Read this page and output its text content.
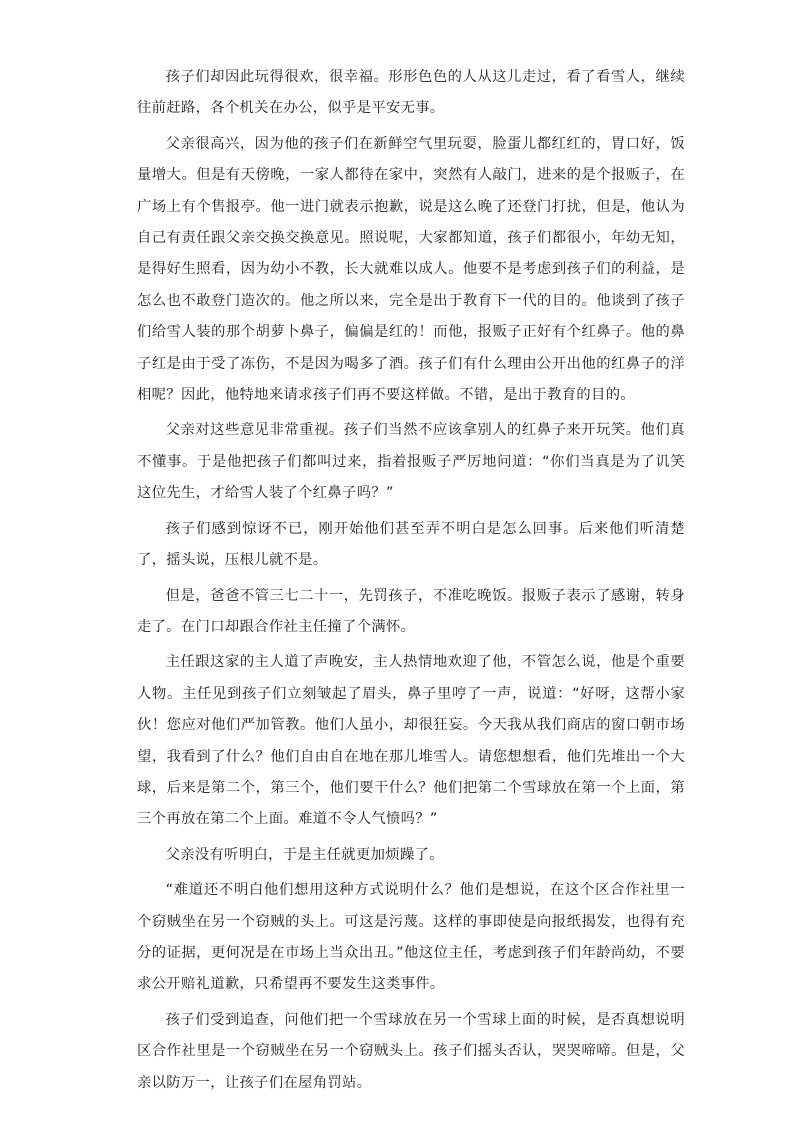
孩子们却因此玩得很欢，很幸福。形形色色的人从这儿走过，看了看雪人，继续往前赶路，各个机关在办公，似乎是平安无事。

父亲很高兴，因为他的孩子们在新鲜空气里玩耍，脸蛋儿都红红的，胃口好，饭量增大。但是有天傍晚，一家人都待在家中，突然有人敲门，进来的是个报贩子，在广场上有个售报亭。他一进门就表示抱歉，说是这么晚了还登门打扰，但是，他认为自己有责任跟父亲交换交换意见。照说呢，大家都知道，孩子们都很小，年幼无知，是得好生照看，因为幼小不教，长大就难以成人。他要不是考虑到孩子们的利益，是怎么也不敢登门造次的。他之所以来，完全是出于教育下一代的目的。他谈到了孩子们给雪人装的那个胡萝卜鼻子，偏偏是红的！而他，报贩子正好有个红鼻子。他的鼻子红是由于受了冻伤，不是因为喝多了酒。孩子们有什么理由公开出他的红鼻子的洋相呢？因此，他特地来请求孩子们再不要这样做。不错，是出于教育的目的。

父亲对这些意见非常重视。孩子们当然不应该拿别人的红鼻子来开玩笑。他们真不懂事。于是他把孩子们都叫过来，指着报贩子严厉地问道：“你们当真是为了讥笑这位先生，才给雪人装了个红鼻子吗？”

孩子们感到惊讶不已，刚开始他们甚至弄不明白是怎么回事。后来他们听清楚了，摇头说，压根儿就不是。

但是，爸爸不管三七二十一，先罚孩子，不准吃晚饭。报贩子表示了感谢，转身走了。在门口却跟合作社主任撞了个满怀。

主任跟这家的主人道了声晚安，主人热情地欢迎了他，不管怎么说，他是个重要人物。主任见到孩子们立刻皱起了眉头，鼻子里哼了一声，说道：“好呀，这帮小家伙！您应对他们严加管教。他们人虽小，却很狂妄。今天我从我们商店的窗口朝市场望，我看到了什么？他们自由自在地在那儿堆雪人。请您想想看，他们先堆出一个大球，后来是第二个，第三个，他们要干什么？他们把第二个雪球放在第一个上面，第三个再放在第二个上面。难道不令人气愤吗？”

父亲没有听明白，于是主任就更加烦躁了。

“难道还不明白他们想用这种方式说明什么？他们是想说，在这个区合作社里一个窃贼坐在另一个窃贼的头上。可这是污蔑。这样的事即使是向报纸揭发，也得有充分的证据，更何况是在市场上当众出丑。”他这位主任，考虑到孩子们年龄尚幼，不要求公开赔礼道歉，只希望再不要发生这类事件。

孩子们受到追查，问他们把一个雪球放在另一个雪球上面的时候，是否真想说明区合作社里是一个窃贼坐在另一个窃贼头上。孩子们摇头否认，哭哭啼啼。但是，父亲以防万一，让孩子们在屋角罚站。
